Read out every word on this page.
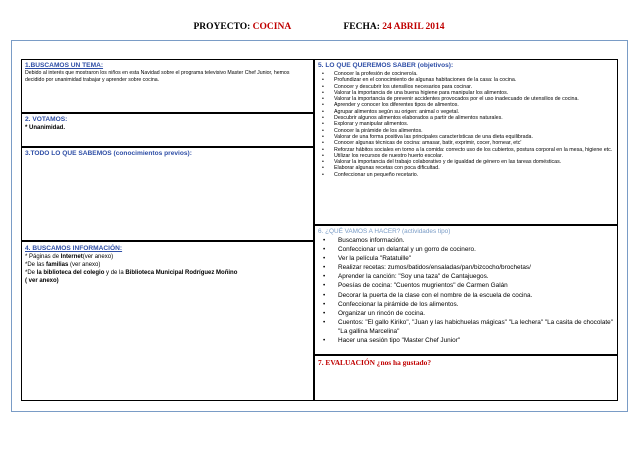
PROYECTO: COCINA	FECHA: 24 ABRIL 2014
1.BUSCAMOS UN TEMA:
Debido al interés que mostraron los niños en esta Navidad sobre el programa televisivo Master Chef Junior, hemos decidido por unanimidad trabajar y aprender sobre cocina.
2. VOTAMOS:
* Unanimidad.
3.TODO LO QUE SABEMOS (conocimientos previos):
4. BUSCAMOS INFORMACIÓN:
* Páginas de Internet(ver anexo)
*De las familias (ver anexo)
*De la biblioteca del colegio y de la Biblioteca Municipal Rodríguez Moñino
( ver anexo)
5. LO QUE QUEREMOS SABER (objetivos):
• Conocer la profesión de cocinero/a.
• Profundizar en el conocimiento de algunas habitaciones de la casa: la cocina.
• Conocer y descubrir los utensilios necesarios para cocinar.
• Valorar la importancia de una buena higiene para manipular los alimentos.
• Valorar la importancia de prevenir accidentes provocados por el uso inadecuado de utensilios de cocina.
• Aprender y conocer los diferentes tipos de alimentos.
• Agrupar alimentos según su origen: animal o vegetal.
• Descubrir algunos alimentos elaborados a partir de alimentos naturales.
• Explorar y manipular alimentos.
• Conocer la pirámide de los alimentos.
• Valorar de una forma positiva las principales características de una dieta equilibrada.
• Conocer algunas técnicas de cocina: amasar, batir, exprimir, cocer, hornear, etc'
• Reforzar hábitos sociales en torno a la comida: correcto uso de los cubiertos, postura corporal en la mesa, higiene etc.
• Utilizar los recursos de nuestro huerto escolar.
• Valorar la importancia del trabajo colaborativo y de igualdad de género en las tareas domésticas.
• Elaborar algunas recetas con poca dificultad.
• Confeccionar un pequeño recetario.
6. ¿QUÉ VAMOS A HACER? (actividades tipo)
• Buscamos información.
• Confeccionar un delantal y un gorro de cocinero.
• Ver la película "Ratatuille"
• Realizar recetas: zumos/batidos/ensaladas/pan/bizcocho/brochetas/
• Aprender la canción: "Soy una taza" de Cantajuegos.
• Poesías de cocina: "Cuentos mugrientos" de Carmen Galán
• Decorar la puerta de la clase con el nombre de la escuela de cocina.
• Confeccionar la pirámide de los alimentos.
• Organizar un rincón de cocina.
• Cuentos: "El gallo Kiriko", "Juan y las habichuelas mágicas" "La lechera" "La casita de chocolate" "La gallina Marcelina"
• Hacer una sesión tipo "Master Chef Junior"
7. EVALUACIÓN ¿nos ha gustado?
